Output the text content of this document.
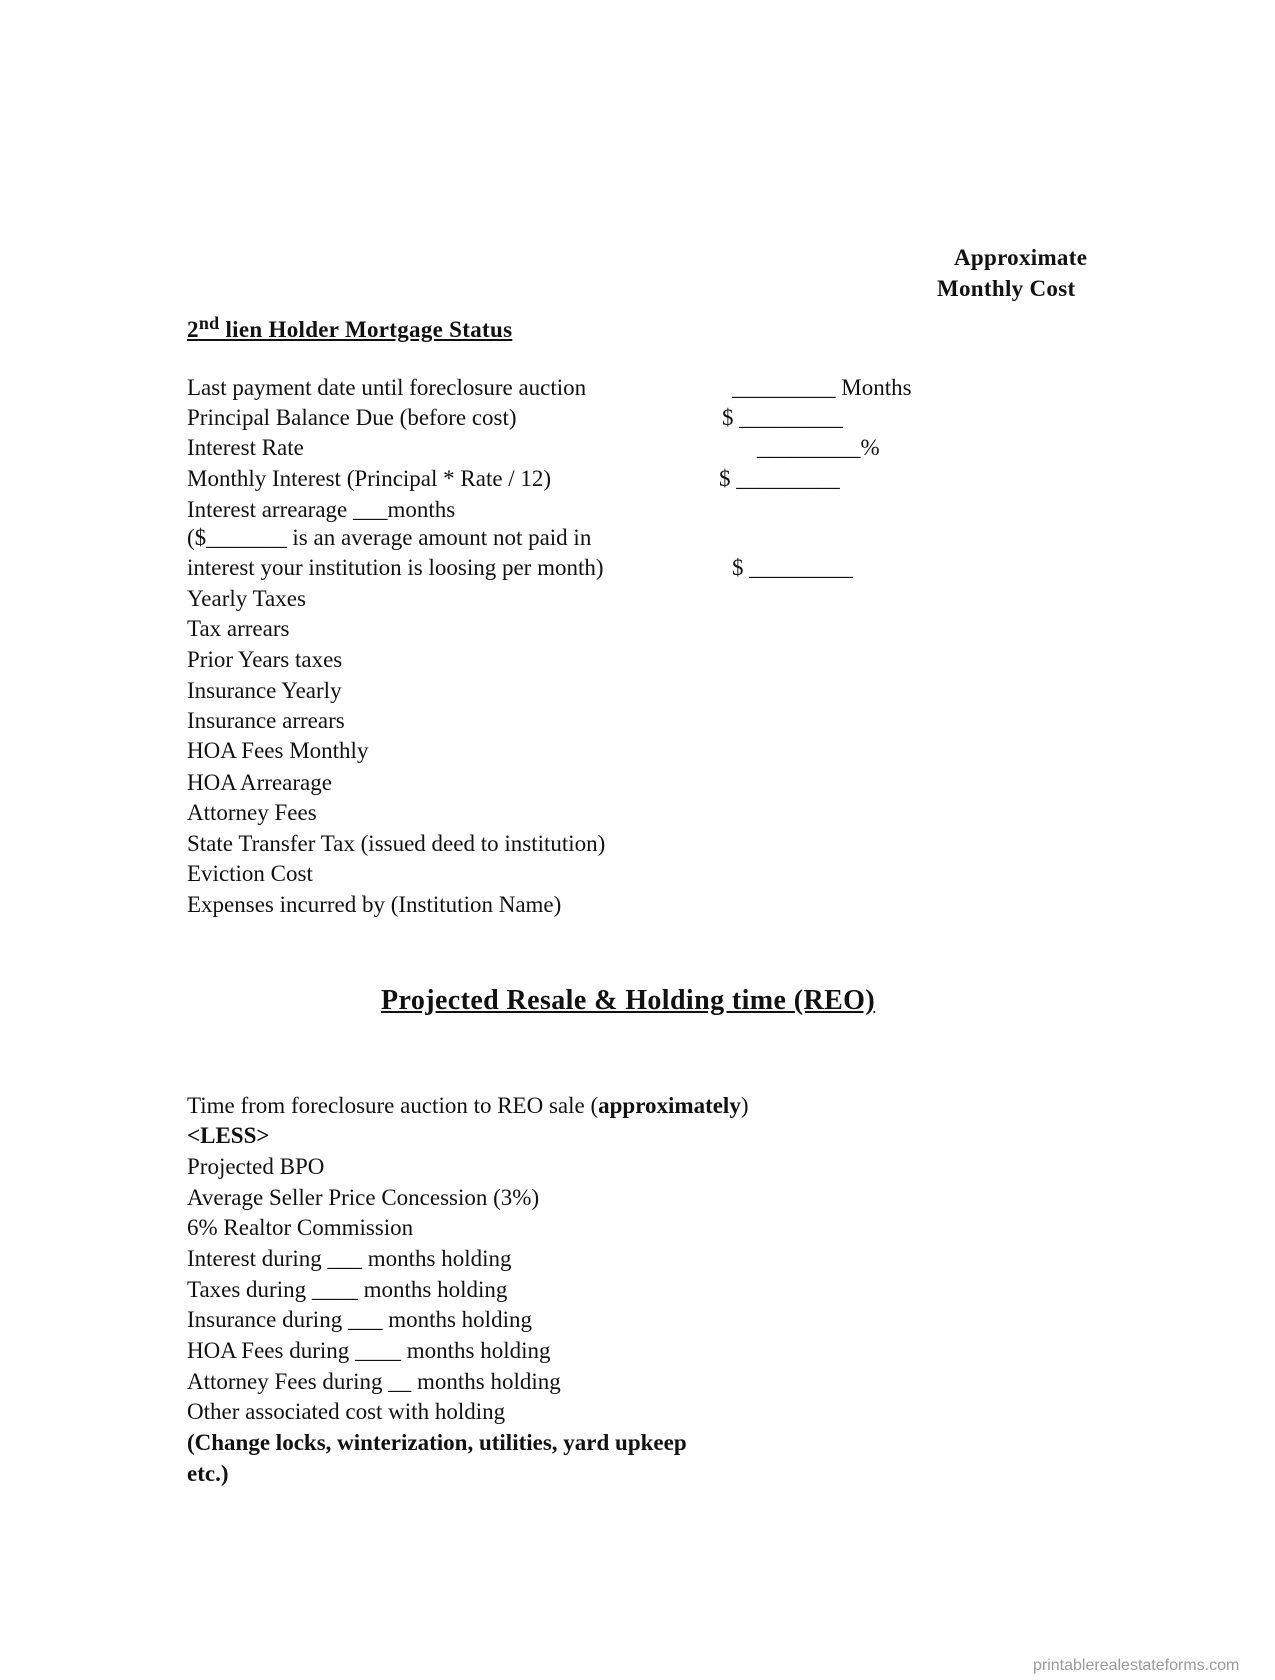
Approximate
Monthly Cost
2nd lien Holder Mortgage Status
Last payment date until foreclosure auction
Principal Balance Due (before cost)
Interest Rate
Monthly Interest (Principal * Rate / 12)
Interest arrearage ___months
($_______ is an average amount not paid in
interest your institution is loosing per month)
Yearly Taxes
Tax arrears
Prior Years taxes
Insurance Yearly
Insurance arrears
HOA Fees Monthly
HOA Arrearage
Attorney Fees
State Transfer Tax (issued deed to institution)
Eviction Cost
Expenses incurred by (Institution Name)
_________ Months
$ _________
_________%
$ _________
$ _________
Projected Resale & Holding time (REO)
Time from foreclosure auction to REO sale (approximately)
<LESS>
Projected BPO
Average Seller Price Concession (3%)
6% Realtor Commission
Interest during ___ months holding
Taxes during ____ months holding
Insurance during ___ months holding
HOA Fees during ____ months holding
Attorney Fees during __ months holding
Other associated cost with holding
(Change locks, winterization, utilities, yard upkeep
etc.)
printablerealestateforms.com
